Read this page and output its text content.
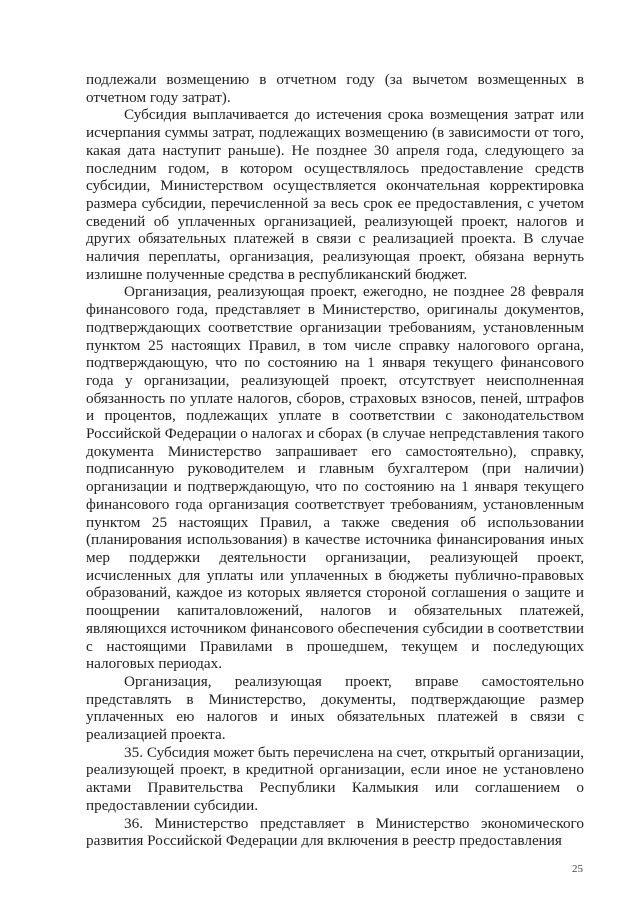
подлежали возмещению в отчетном году (за вычетом возмещенных в отчетном году затрат).

Субсидия выплачивается до истечения срока возмещения затрат или исчерпания суммы затрат, подлежащих возмещению (в зависимости от того, какая дата наступит раньше). Не позднее 30 апреля года, следующего за последним годом, в котором осуществлялось предоставление средств субсидии, Министерством осуществляется окончательная корректировка размера субсидии, перечисленной за весь срок ее предоставления, с учетом сведений об уплаченных организацией, реализующей проект, налогов и других обязательных платежей в связи с реализацией проекта. В случае наличия переплаты, организация, реализующая проект, обязана вернуть излишне полученные средства в республиканский бюджет.

Организация, реализующая проект, ежегодно, не позднее 28 февраля финансового года, представляет в Министерство, оригиналы документов, подтверждающих соответствие организации требованиям, установленным пунктом 25 настоящих Правил, в том числе справку налогового органа, подтверждающую, что по состоянию на 1 января текущего финансового года у организации, реализующей проект, отсутствует неисполненная обязанность по уплате налогов, сборов, страховых взносов, пеней, штрафов и процентов, подлежащих уплате в соответствии с законодательством Российской Федерации о налогах и сборах (в случае непредставления такого документа Министерство запрашивает его самостоятельно), справку, подписанную руководителем и главным бухгалтером (при наличии) организации и подтверждающую, что по состоянию на 1 января текущего финансового года организация соответствует требованиям, установленным пунктом 25 настоящих Правил, а также сведения об использовании (планирования использования) в качестве источника финансирования иных мер поддержки деятельности организации, реализующей проект, исчисленных для уплаты или уплаченных в бюджеты публично-правовых образований, каждое из которых является стороной соглашения о защите и поощрении капиталовложений, налогов и обязательных платежей, являющихся источником финансового обеспечения субсидии в соответствии с настоящими Правилами в прошедшем, текущем и последующих налоговых периодах.

Организация, реализующая проект, вправе самостоятельно представлять в Министерство, документы, подтверждающие размер уплаченных ею налогов и иных обязательных платежей в связи с реализацией проекта.

35. Субсидия может быть перечислена на счет, открытый организации, реализующей проект, в кредитной организации, если иное не установлено актами Правительства Республики Калмыкия или соглашением о предоставлении субсидии.

36. Министерство представляет в Министерство экономического развития Российской Федерации для включения в реестр предоставления

25
